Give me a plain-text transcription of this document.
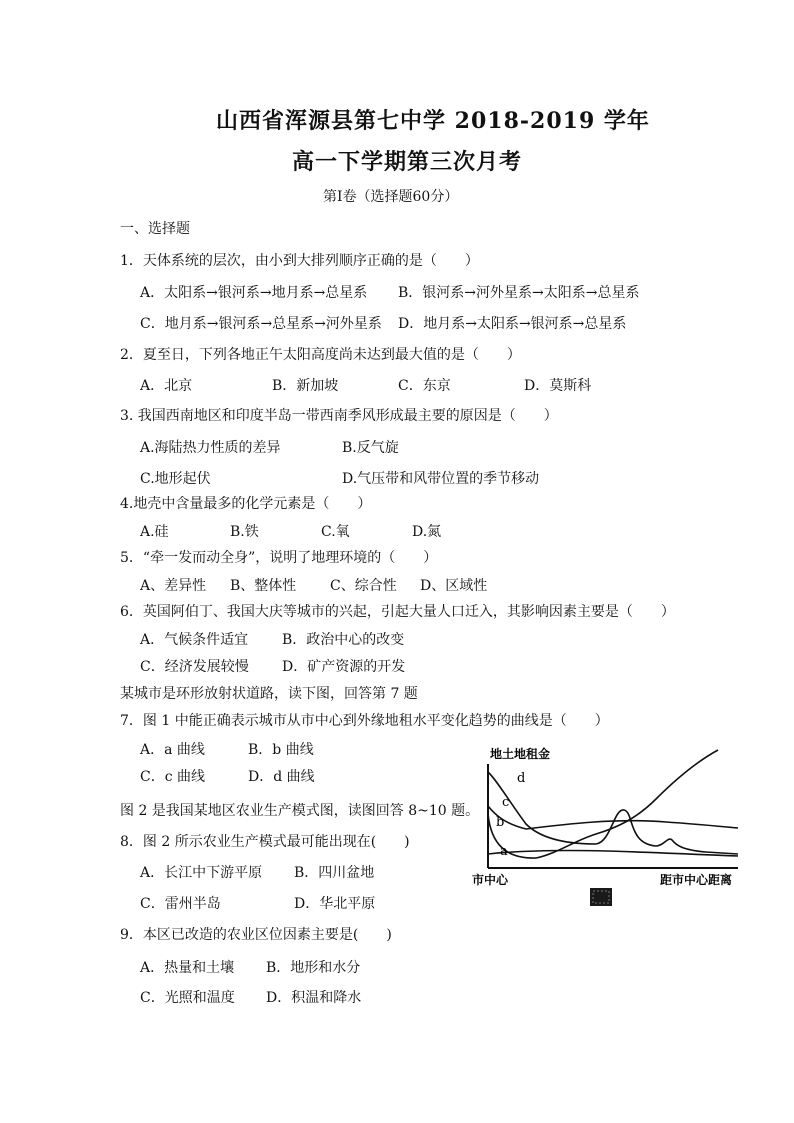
山西省浑源县第七中学 2018-2019 学年
高一下学期第三次月考
第Ⅰ卷（选择题60分）
一、选择题
1．天体系统的层次，由小到大排列顺序正确的是（　　）
A．太阳系→银河系→地月系→总星系 B．银河系→河外星系→太阳系→总星系
C．地月系→银河系→总星系→河外星系 D．地月系→太阳系→银河系→总星系
2．夏至日，下列各地正午太阳高度尚未达到最大值的是（　　）
A．北京	B．新加坡	C．东京	D．莫斯科
3. 我国西南地区和印度半岛一带西南季风形成最主要的原因是（　　）
A.海陆热力性质的差异	B.反气旋
C.地形起伏	D.气压带和风带位置的季节移动
4.地壳中含量最多的化学元素是（　　）
A.硅	B.铁	C.氧	D.氮
5．“牵一发而动全身”，说明了地理环境的（　　）
A、差异性 B、整体性 C、综合性 D、区域性
6．英国阿伯丁、我国大庆等城市的兴起，引起大量人口迁入，其影响因素主要是（　　）
A．气候条件适宜 B．政治中心的改变
C．经济发展较慢 D．矿产资源的开发
某城市是环形放射状道路，读下图，回答第 7 题
7．图 1 中能正确表示城市从市中心到外缘地租水平变化趋势的曲线是（　　）
A．a 曲线	B．b 曲线
C．c 曲线	D．d 曲线
图 2 是我国某地区农业生产模式图，读图回答 8~10 题。
8．图 2 所示农业生产模式最可能出现在(　　)
A．长江中下游平原 B．四川盆地
C．雷州半岛	D．华北平原
9．本区已改造的农业区位因素主要是(　　)
A．热量和土壤 B．地形和水分
C．光照和温度 D．积温和降水
地土地租金
a
b
c
d
市中心	距市中心距离
